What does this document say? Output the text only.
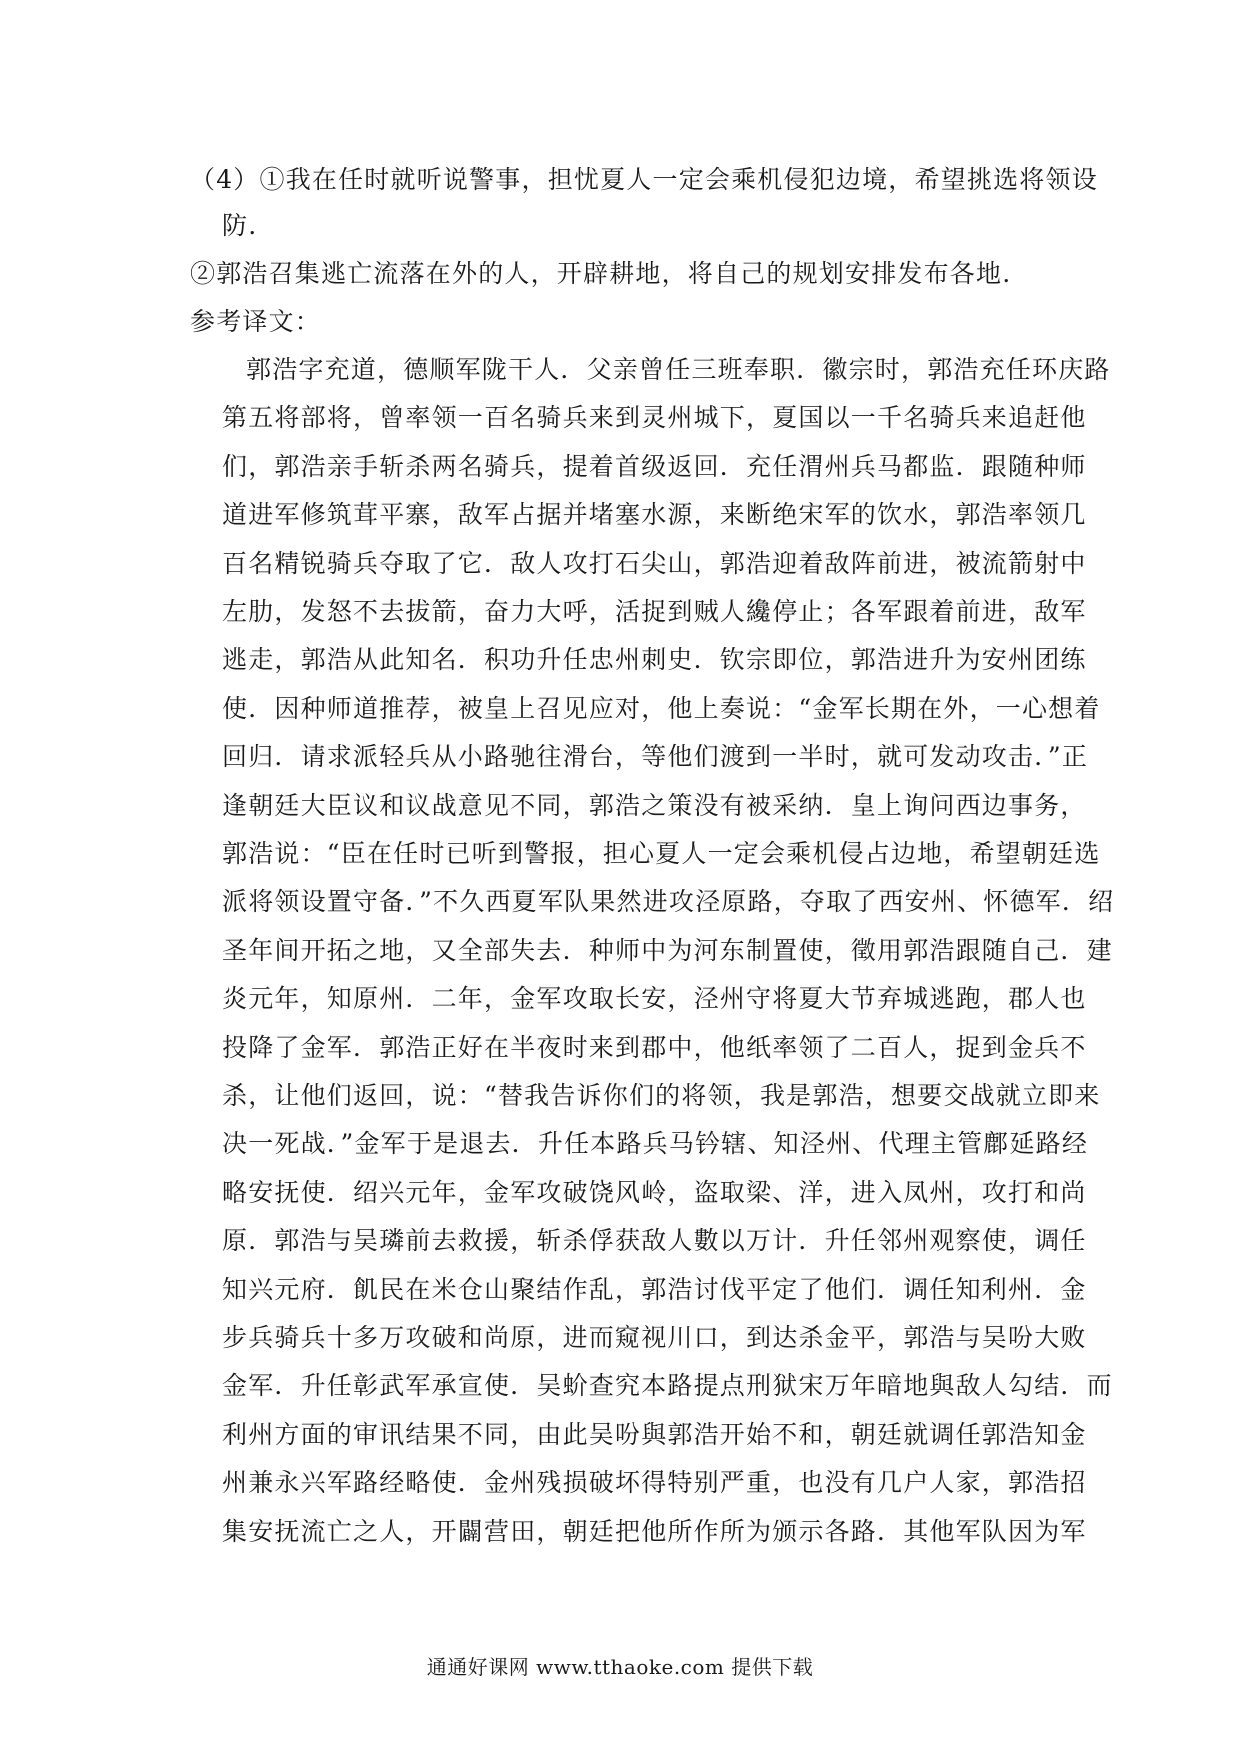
（4）①我在任时就听说警事，担忧夏人一定会乘机侵犯边境，希望挑选将领设
防.
②郭浩召集逃亡流落在外的人，开辟耕地，将自己的规划安排发布各地.
参考译文：
郭浩字充道，德顺军陇干人．父亲曾任三班奉职．徽宗时，郭浩充任环庆路
第五将部将，曾率领一百名骑兵来到灵州城下，夏国以一千名骑兵来追赶他
们，郭浩亲手斩杀两名骑兵，提着首级返回．充任渭州兵马都监．跟随种师
道进军修筑茸平寨，敌军占据并堵塞水源，来断绝宋军的饮水，郭浩率领几
百名精锐骑兵夺取了它．敌人攻打石尖山，郭浩迎着敌阵前进，被流箭射中
左肋，发怒不去拔箭，奋力大呼，活捉到贼人纔停止；各军跟着前进，敌军
逃走，郭浩从此知名．积功升任忠州刺史．钦宗即位，郭浩进升为安州团练
使．因种师道推荐，被皇上召见应对，他上奏说：“金军长期在外，一心想着
回归．请求派轻兵从小路驰往滑台，等他们渡到一半时，就可发动攻击．”正
逢朝廷大臣议和议战意见不同，郭浩之策没有被采纳．皇上询问西边事务，
郭浩说：“臣在任时已听到警报，担心夏人一定会乘机侵占边地，希望朝廷选
派将领设置守备．”不久西夏军队果然进攻泾原路，夺取了西安州、怀德军．绍
圣年间开拓之地，又全部失去．种师中为河东制置使，徵用郭浩跟随自己．建
炎元年，知原州．二年，金军攻取长安，泾州守将夏大节弃城逃跑，郡人也
投降了金军．郭浩正好在半夜时来到郡中，他纸率领了二百人，捉到金兵不
杀，让他们返回，说：“替我告诉你们的将领，我是郭浩，想要交战就立即来
决一死战．”金军于是退去．升任本路兵马钤辖、知泾州、代理主管鄜延路经
略安抚使．绍兴元年，金军攻破饶风岭，盗取梁、洋，进入凤州，攻打和尚
原．郭浩与吴璘前去救援，斩杀俘获敌人數以万计．升任邻州观察使，调任
知兴元府．飢民在米仓山聚结作乱，郭浩讨伐平定了他们．调任知利州．金
步兵骑兵十多万攻破和尚原，进而窥视川口，到达杀金平，郭浩与吴吩大败
金军．升任彰武军承宣使．吴蚧查究本路提点刑狱宋万年暗地與敌人勾结．而
利州方面的审讯结果不同，由此吴吩與郭浩开始不和，朝廷就调任郭浩知金
州兼永兴军路经略使．金州残损破坏得特别严重，也没有几户人家，郭浩招
集安抚流亡之人，开闢营田，朝廷把他所作所为颁示各路．其他军队因为军
通通好课网 www.tthaoke.com 提供下载
